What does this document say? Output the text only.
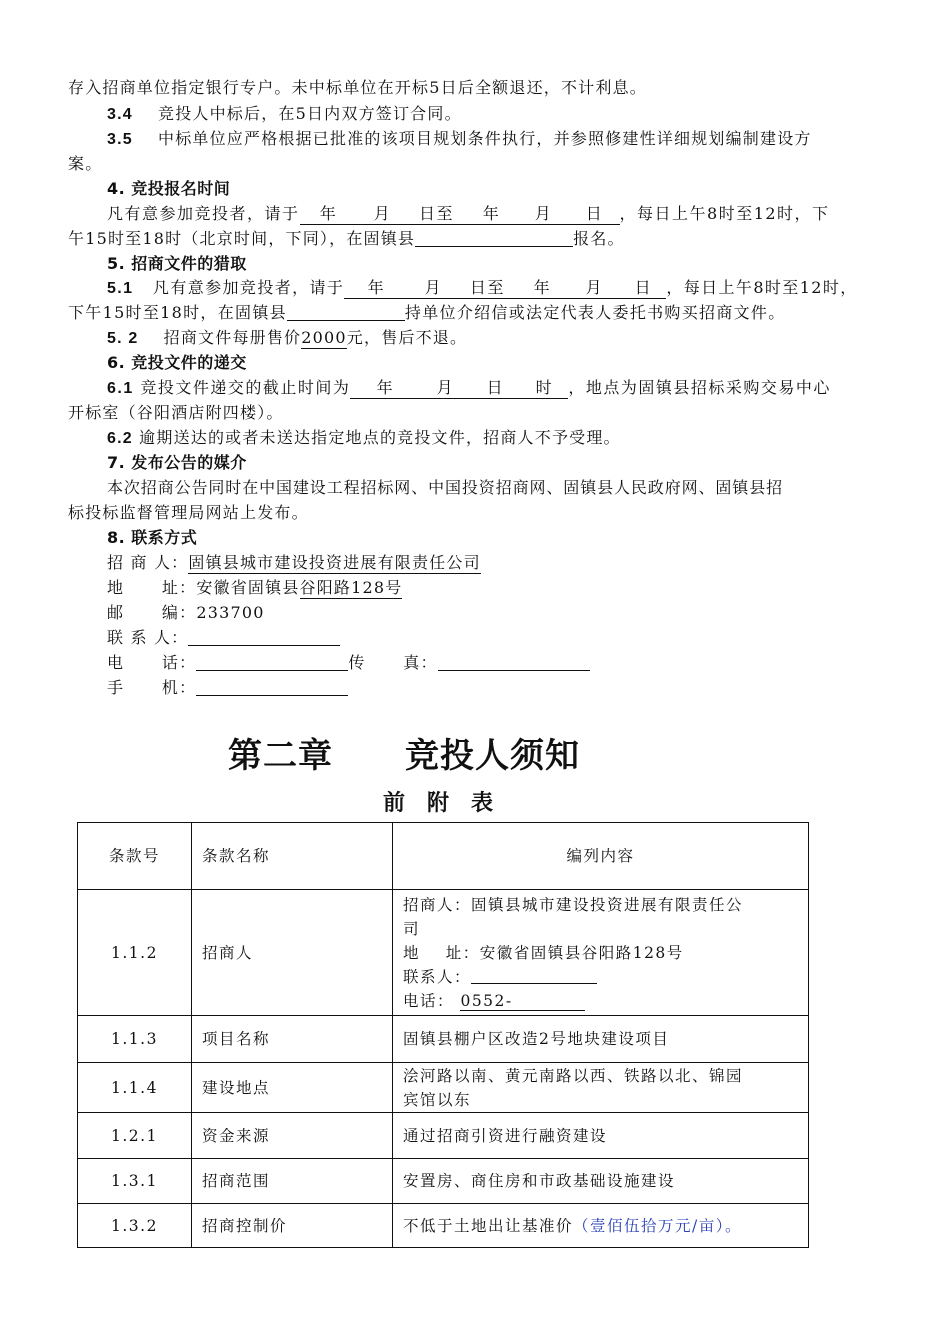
存入招商单位指定银行专户。未中标单位在开标5日后全额退还，不计利息。
3.4 竞投人中标后，在5日内双方签订合同。
3.5 中标单位应严格根据已批准的该项目规划条件执行，并参照修建性详细规划编制建设方
案。
4. 竞投报名时间
凡有意参加竞投者，请于 年 月 日至 年 月 日 ，每日上午8时至12时，下
午15时至18时（北京时间，下同），在固镇县	报名。
5. 招商文件的猎取
5.1 凡有意参加竞投者，请于 年 月 日至 年 月 日 ，每日上午8时至12时，
下午15时至18时，在固镇县	持单位介绍信或法定代表人委托书购买招商文件。
5. 2 招商文件每册售价2000元，售后不退。
6. 竞投文件的递交
6.1 竞投文件递交的截止时间为 年	月 日 时 ，地点为固镇县招标采购交易中心
开标室（谷阳酒店附四楼）。
6.2 逾期送达的或者未送达指定地点的竞投文件，招商人不予受理。
7. 发布公告的媒介
本次招商公告同时在中国建设工程招标网、中国投资招商网、固镇县人民政府网、固镇县招
标投标监督管理局网站上发布。
8. 联系方式
招 商 人：固镇县城市建设投资进展有限责任公司
地      址：安徽省固镇县谷阳路128号
邮      编：233700
联 系 人：
电      话：	传      真：
手      机：
第二章 竞投人须知
前附表
条款号	条款名称	编列内容
1.1.2	招商人	招商人：固镇县城市建设投资进展有限责任公
司
地    址：安徽省固镇县谷阳路128号
联系人：
电话： 0552-

1.1.3	项目名称	固镇县棚户区改造2号地块建设项目
1.1.4	建设地点	浍河路以南、黄元南路以西、铁路以北、锦园
宾馆以东

1.2.1	资金来源	通过招商引资进行融资建设
1.3.1	招商范围	安置房、商住房和市政基础设施建设
1.3.2	招商控制价	不低于土地出让基准价（壹佰伍拾万元/亩）。
